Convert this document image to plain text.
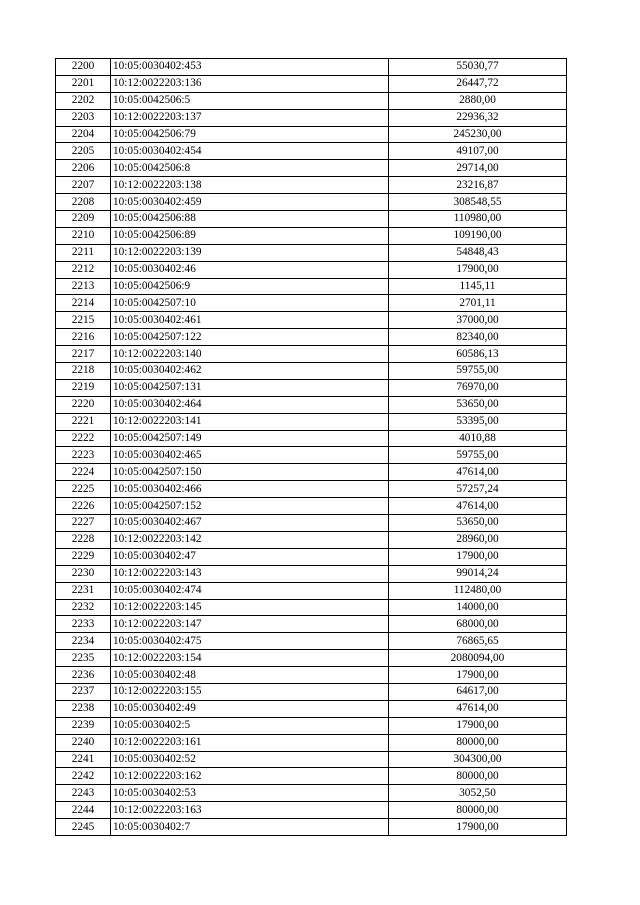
2200	10:05:0030402:453	55030,77
2201	10:12:0022203:136	26447,72
2202	10:05:0042506:5	2880,00
2203	10:12:0022203:137	22936,32
2204	10:05:0042506:79	245230,00
2205	10:05:0030402:454	49107,00
2206	10:05:0042506:8	29714,00
2207	10:12:0022203:138	23216,87
2208	10:05:0030402:459	308548,55
2209	10:05:0042506:88	110980,00
2210	10:05:0042506:89	109190,00
2211	10:12:0022203:139	54848,43
2212	10:05:0030402:46	17900,00
2213	10:05:0042506:9	1145,11
2214	10:05:0042507:10	2701,11
2215	10:05:0030402:461	37000,00
2216	10:05:0042507:122	82340,00
2217	10:12:0022203:140	60586,13
2218	10:05:0030402:462	59755,00
2219	10:05:0042507:131	76970,00
2220	10:05:0030402:464	53650,00
2221	10:12:0022203:141	53395,00
2222	10:05:0042507:149	4010,88
2223	10:05:0030402:465	59755,00
2224	10:05:0042507:150	47614,00
2225	10:05:0030402:466	57257,24
2226	10:05:0042507:152	47614,00
2227	10:05:0030402:467	53650,00
2228	10:12:0022203:142	28960,00
2229	10:05:0030402:47	17900,00
2230	10:12:0022203:143	99014,24
2231	10:05:0030402:474	112480,00
2232	10:12:0022203:145	14000,00
2233	10:12:0022203:147	68000,00
2234	10:05:0030402:475	76865,65
2235	10:12:0022203:154	2080094,00
2236	10:05:0030402:48	17900,00
2237	10:12:0022203:155	64617,00
2238	10:05:0030402:49	47614,00
2239	10:05:0030402:5	17900,00
2240	10:12:0022203:161	80000,00
2241	10:05:0030402:52	304300,00
2242	10:12:0022203:162	80000,00
2243	10:05:0030402:53	3052,50
2244	10:12:0022203:163	80000,00
2245	10:05:0030402:7	17900,00
